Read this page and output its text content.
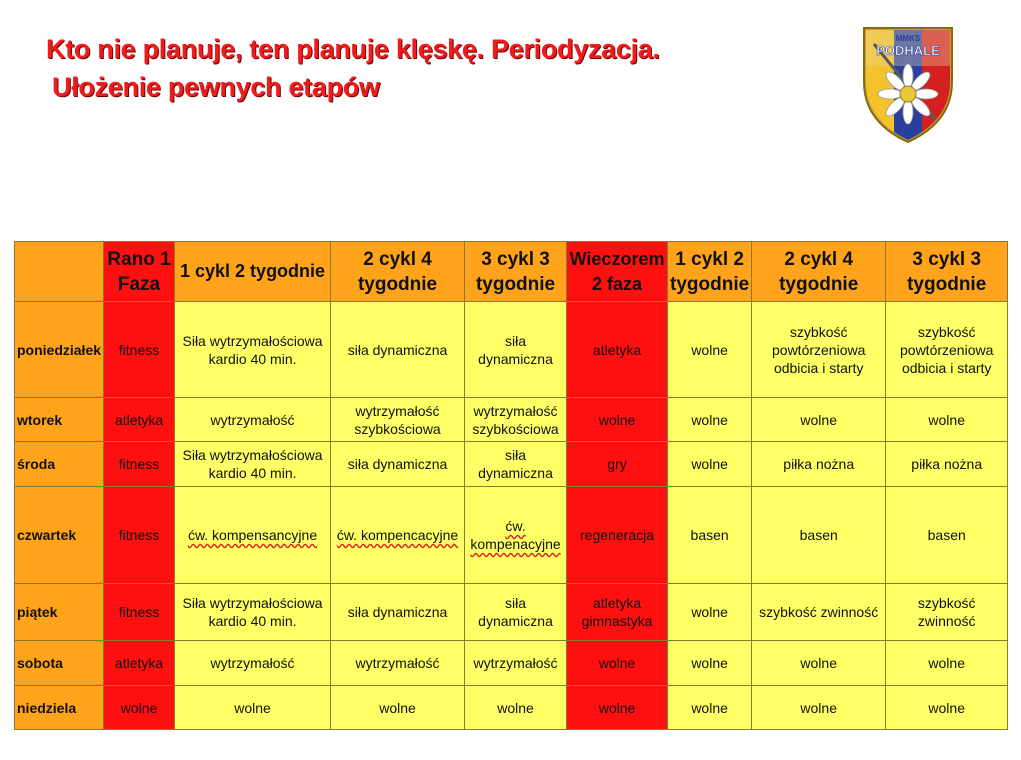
Kto nie planuje, ten planuje klęskę. Periodyzacja.
Ułożenie pewnych etapów
MMKS
PODHALE
	Rano 1 Faza	1 cykl 2 tygodnie	2 cykl 4 tygodnie	3 cykl 3 tygodnie	Wieczorem 2 faza	1 cykl 2 tygodnie	2 cykl 4 tygodnie	3 cykl 3 tygodnie
poniedziałek	fitness	Siła wytrzymałościowa kardio 40 min.	siła dynamiczna	siła dynamiczna	atletyka	wolne	szybkość powtórzeniowa odbicia i starty	szybkość powtórzeniowa odbicia i starty
wtorek	atletyka	wytrzymałość	wytrzymałość szybkościowa	wytrzymałość szybkościowa	wolne	wolne	wolne	wolne
środa	fitness	Siła wytrzymałościowa kardio 40 min.	siła dynamiczna	siła dynamiczna	gry	wolne	piłka nożna	piłka nożna
czwartek	fitness	ćw. kompensancyjne	ćw. kompencacyjne	ćw. kompenacyjne	regeneracja	basen	basen	basen
piątek	fitness	Siła wytrzymałościowa kardio 40 min.	siła dynamiczna	siła dynamiczna	atletyka gimnastyka	wolne	szybkość zwinność	szybkość zwinność
sobota	atletyka	wytrzymałość	wytrzymałość	wytrzymałość	wolne	wolne	wolne	wolne
niedziela	wolne	wolne	wolne	wolne	wolne	wolne	wolne	wolne
